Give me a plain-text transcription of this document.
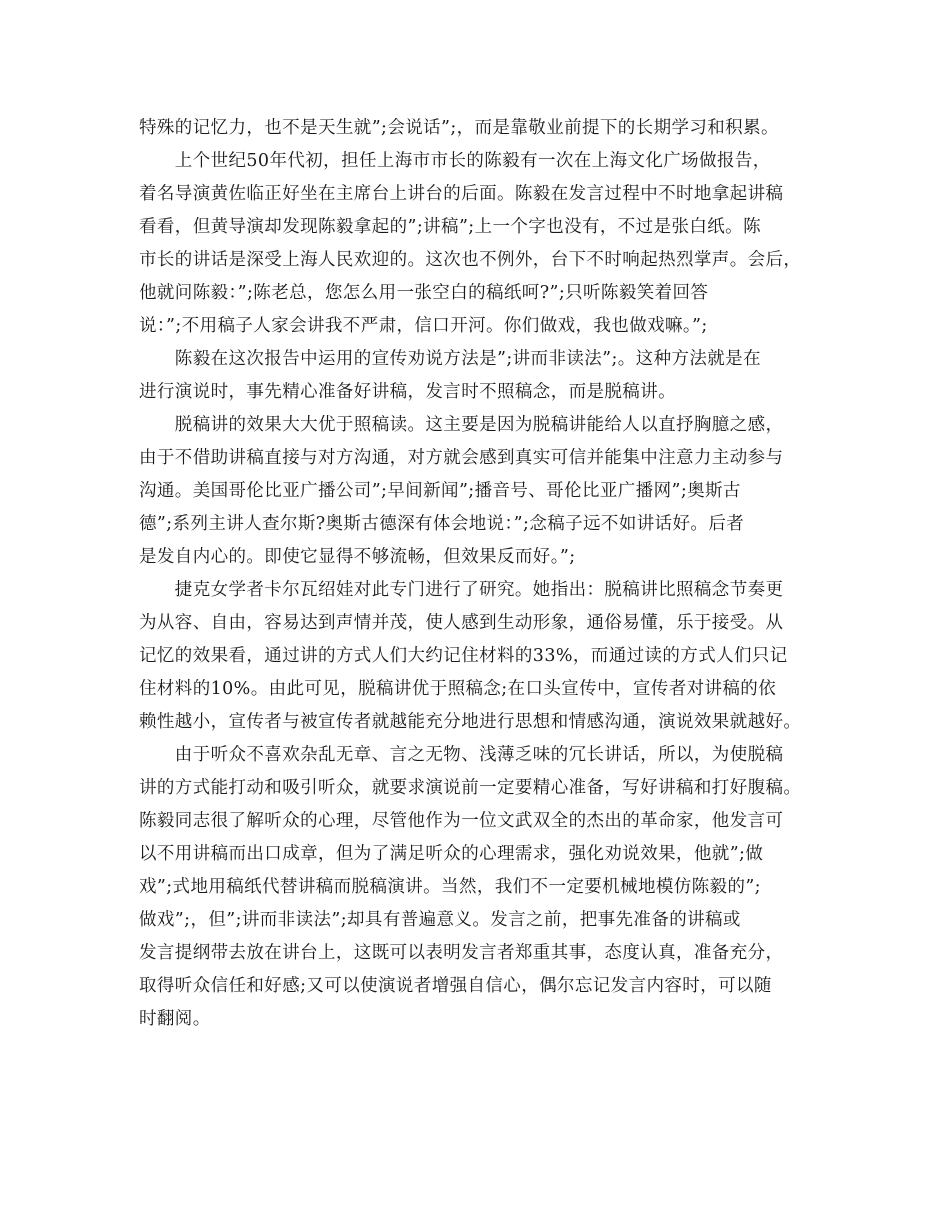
特殊的记忆力，也不是天生就”;会说话”;，而是靠敬业前提下的长期学习和积累。
　　上个世纪50年代初，担任上海市市长的陈毅有一次在上海文化广场做报告，
着名导演黄佐临正好坐在主席台上讲台的后面。陈毅在发言过程中不时地拿起讲稿
看看，但黄导演却发现陈毅拿起的”;讲稿”;上一个字也没有，不过是张白纸。陈
市长的讲话是深受上海人民欢迎的。这次也不例外，台下不时响起热烈掌声。会后，
他就问陈毅：”;陈老总，您怎么用一张空白的稿纸呵?”;只听陈毅笑着回答
说：”;不用稿子人家会讲我不严肃，信口开河。你们做戏，我也做戏嘛。”;
　　陈毅在这次报告中运用的宣传劝说方法是”;讲而非读法”;。这种方法就是在
进行演说时，事先精心准备好讲稿，发言时不照稿念，而是脱稿讲。
　　脱稿讲的效果大大优于照稿读。这主要是因为脱稿讲能给人以直抒胸臆之感，
由于不借助讲稿直接与对方沟通，对方就会感到真实可信并能集中注意力主动参与
沟通。美国哥伦比亚广播公司”;早间新闻”;播音号、哥伦比亚广播网”;奥斯古
德”;系列主讲人查尔斯?奥斯古德深有体会地说：”;念稿子远不如讲话好。后者
是发自内心的。即使它显得不够流畅，但效果反而好。”;
　　捷克女学者卡尔瓦绍娃对此专门进行了研究。她指出：脱稿讲比照稿念节奏更
为从容、自由，容易达到声情并茂，使人感到生动形象，通俗易懂，乐于接受。从
记忆的效果看，通过讲的方式人们大约记住材料的33%，而通过读的方式人们只记
住材料的10%。由此可见，脱稿讲优于照稿念;在口头宣传中，宣传者对讲稿的依
赖性越小，宣传者与被宣传者就越能充分地进行思想和情感沟通，演说效果就越好。
　　由于听众不喜欢杂乱无章、言之无物、浅薄乏味的冗长讲话，所以，为使脱稿
讲的方式能打动和吸引听众，就要求演说前一定要精心准备，写好讲稿和打好腹稿。
陈毅同志很了解听众的心理，尽管他作为一位文武双全的杰出的革命家，他发言可
以不用讲稿而出口成章，但为了满足听众的心理需求，强化劝说效果，他就”;做
戏”;式地用稿纸代替讲稿而脱稿演讲。当然，我们不一定要机械地模仿陈毅的”;
做戏”;，但”;讲而非读法”;却具有普遍意义。发言之前，把事先准备的讲稿或
发言提纲带去放在讲台上，这既可以表明发言者郑重其事，态度认真，准备充分，
取得听众信任和好感;又可以使演说者增强自信心，偶尔忘记发言内容时，可以随
时翻阅。
